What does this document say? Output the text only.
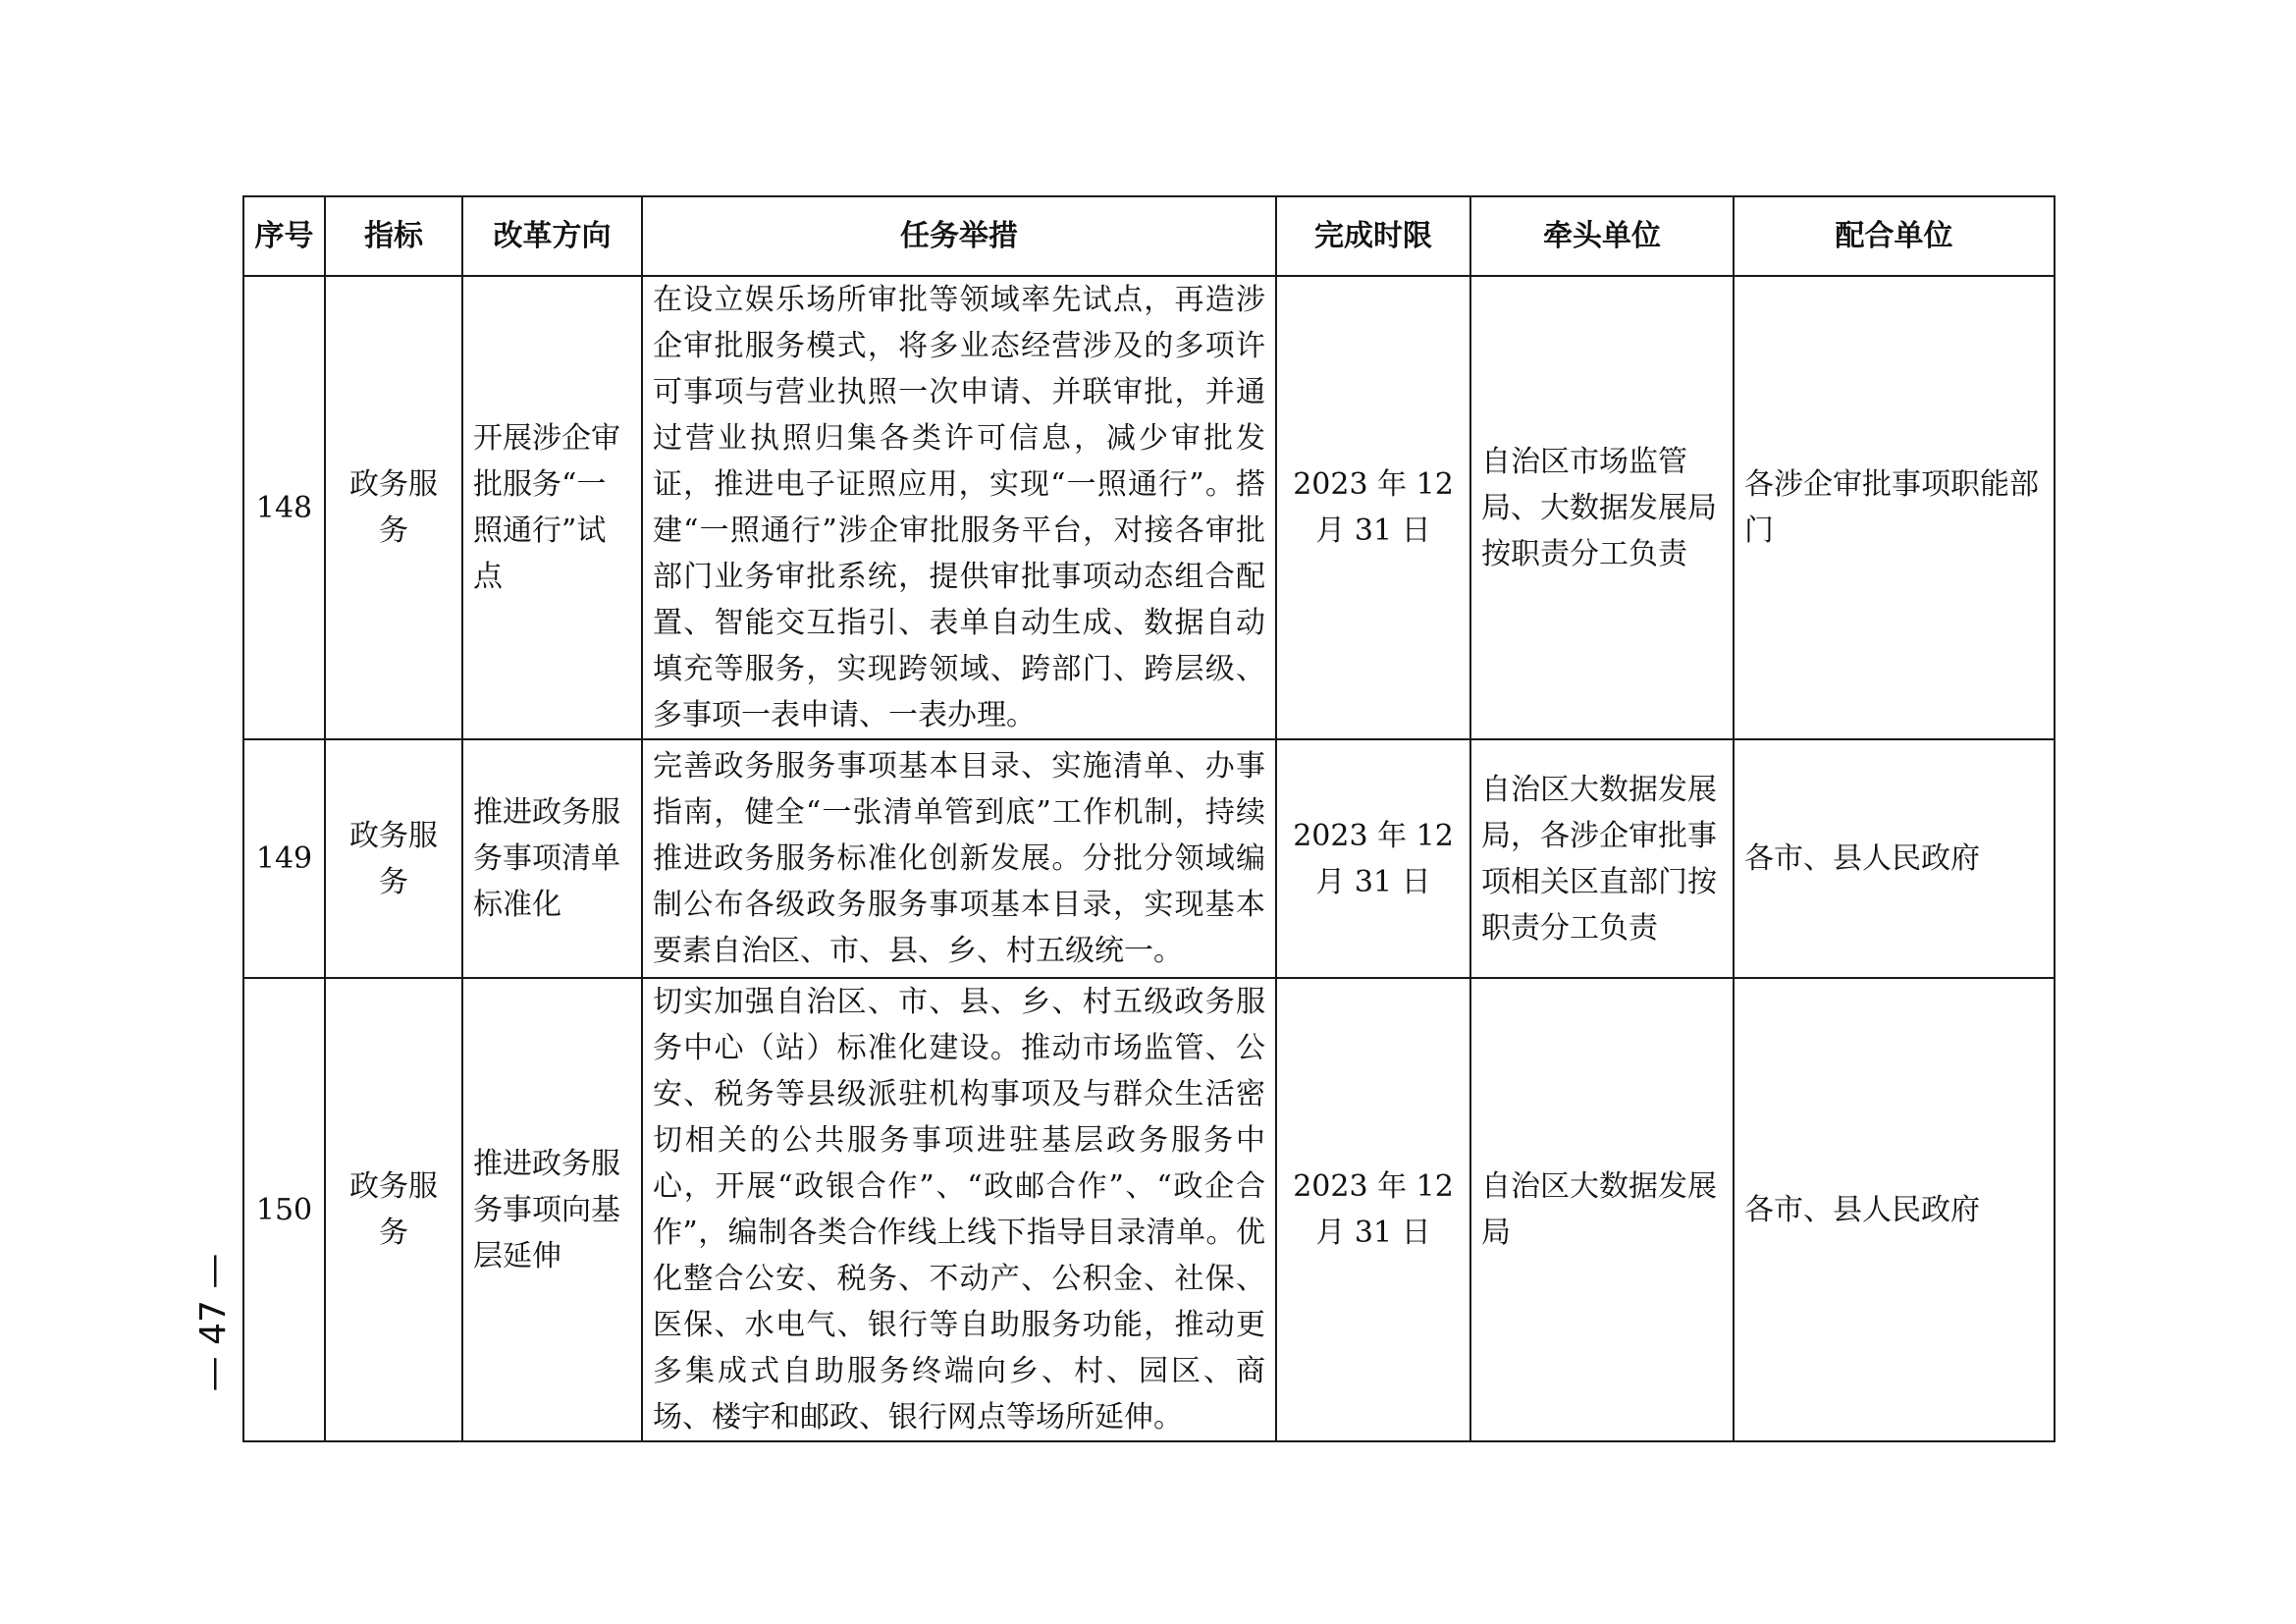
序号	指标	改革方向	任务举措	完成时限	牵头单位	配合单位
148	政务服务	开展涉企审批服务“一照通行”试点	在设立娱乐场所审批等领域率先试点，再造涉企审批服务模式，将多业态经营涉及的多项许可事项与营业执照一次申请、并联审批，并通过营业执照归集各类许可信息，减少审批发证，推进电子证照应用，实现“一照通行”。搭建“一照通行”涉企审批服务平台，对接各审批部门业务审批系统，提供审批事项动态组合配置、智能交互指引、表单自动生成、数据自动填充等服务，实现跨领域、跨部门、跨层级、多事项一表申请、一表办理。	2023 年 12 月 31 日	自治区市场监管局、大数据发展局按职责分工负责	各涉企审批事项职能部门
149	政务服务	推进政务服务事项清单标准化	完善政务服务事项基本目录、实施清单、办事指南，健全“一张清单管到底”工作机制，持续推进政务服务标准化创新发展。分批分领域编制公布各级政务服务事项基本目录，实现基本要素自治区、市、县、乡、村五级统一。	2023 年 12 月 31 日	自治区大数据发展局，各涉企审批事项相关区直部门按职责分工负责	各市、县人民政府
150	政务服务	推进政务服务事项向基层延伸	切实加强自治区、市、县、乡、村五级政务服务中心（站）标准化建设。推动市场监管、公安、税务等县级派驻机构事项及与群众生活密切相关的公共服务事项进驻基层政务服务中心，开展“政银合作”、“政邮合作”、“政企合作”，编制各类合作线上线下指导目录清单。优化整合公安、税务、不动产、公积金、社保、医保、水电气、银行等自助服务功能，推动更多集成式自助服务终端向乡、村、园区、商场、楼宇和邮政、银行网点等场所延伸。	2023 年 12 月 31 日	自治区大数据发展局	各市、县人民政府
— 47 —
